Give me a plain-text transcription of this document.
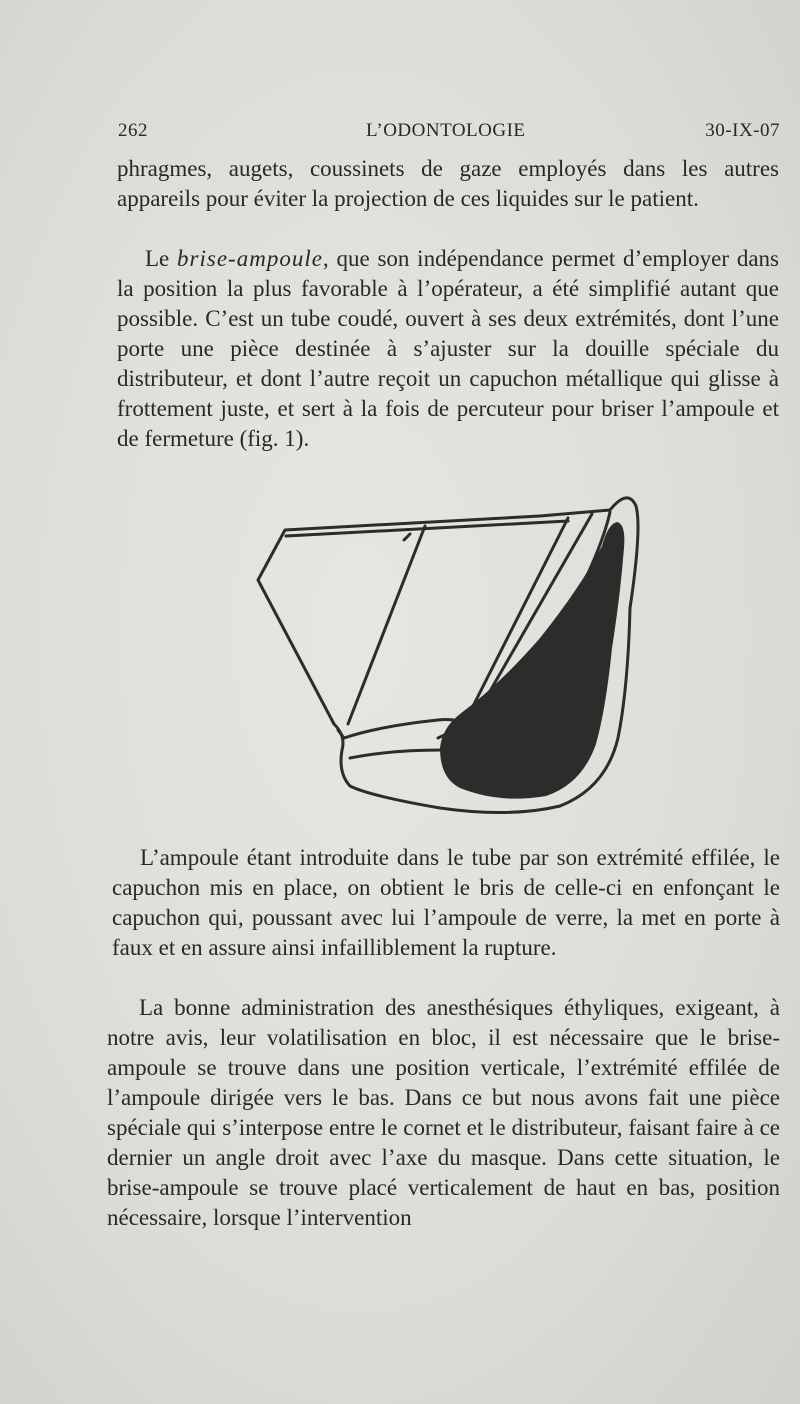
262	L’ODONTOLOGIE	30-IX-07

phragmes, augets, coussinets de gaze employés dans les autres appareils pour éviter la projection de ces liquides sur le patient.

Le brise-ampoule, que son indépendance permet d’employer dans la position la plus favorable à l’opérateur, a été simplifié autant que possible. C’est un tube coudé, ouvert à ses deux extrémités, dont l’une porte une pièce destinée à s’ajuster sur la douille spéciale du distributeur, et dont l’autre reçoit un capuchon métallique qui glisse à frottement juste, et sert à la fois de percuteur pour briser l’ampoule et de fermeture (fig. 1).

L’ampoule étant introduite dans le tube par son extrémité effilée, le capuchon mis en place, on obtient le bris de celle-ci en enfonçant le capuchon qui, poussant avec lui l’ampoule de verre, la met en porte à faux et en assure ainsi infailliblement la rupture.

La bonne administration des anesthésiques éthyliques, exigeant, à notre avis, leur volatilisation en bloc, il est nécessaire que le brise-ampoule se trouve dans une position verticale, l’extrémité effilée de l’ampoule dirigée vers le bas. Dans ce but nous avons fait une pièce spéciale qui s’interpose entre le cornet et le distributeur, faisant faire à ce dernier un angle droit avec l’axe du masque. Dans cette situation, le brise-ampoule se trouve placé verticalement de haut en bas, position nécessaire, lorsque l’intervention
